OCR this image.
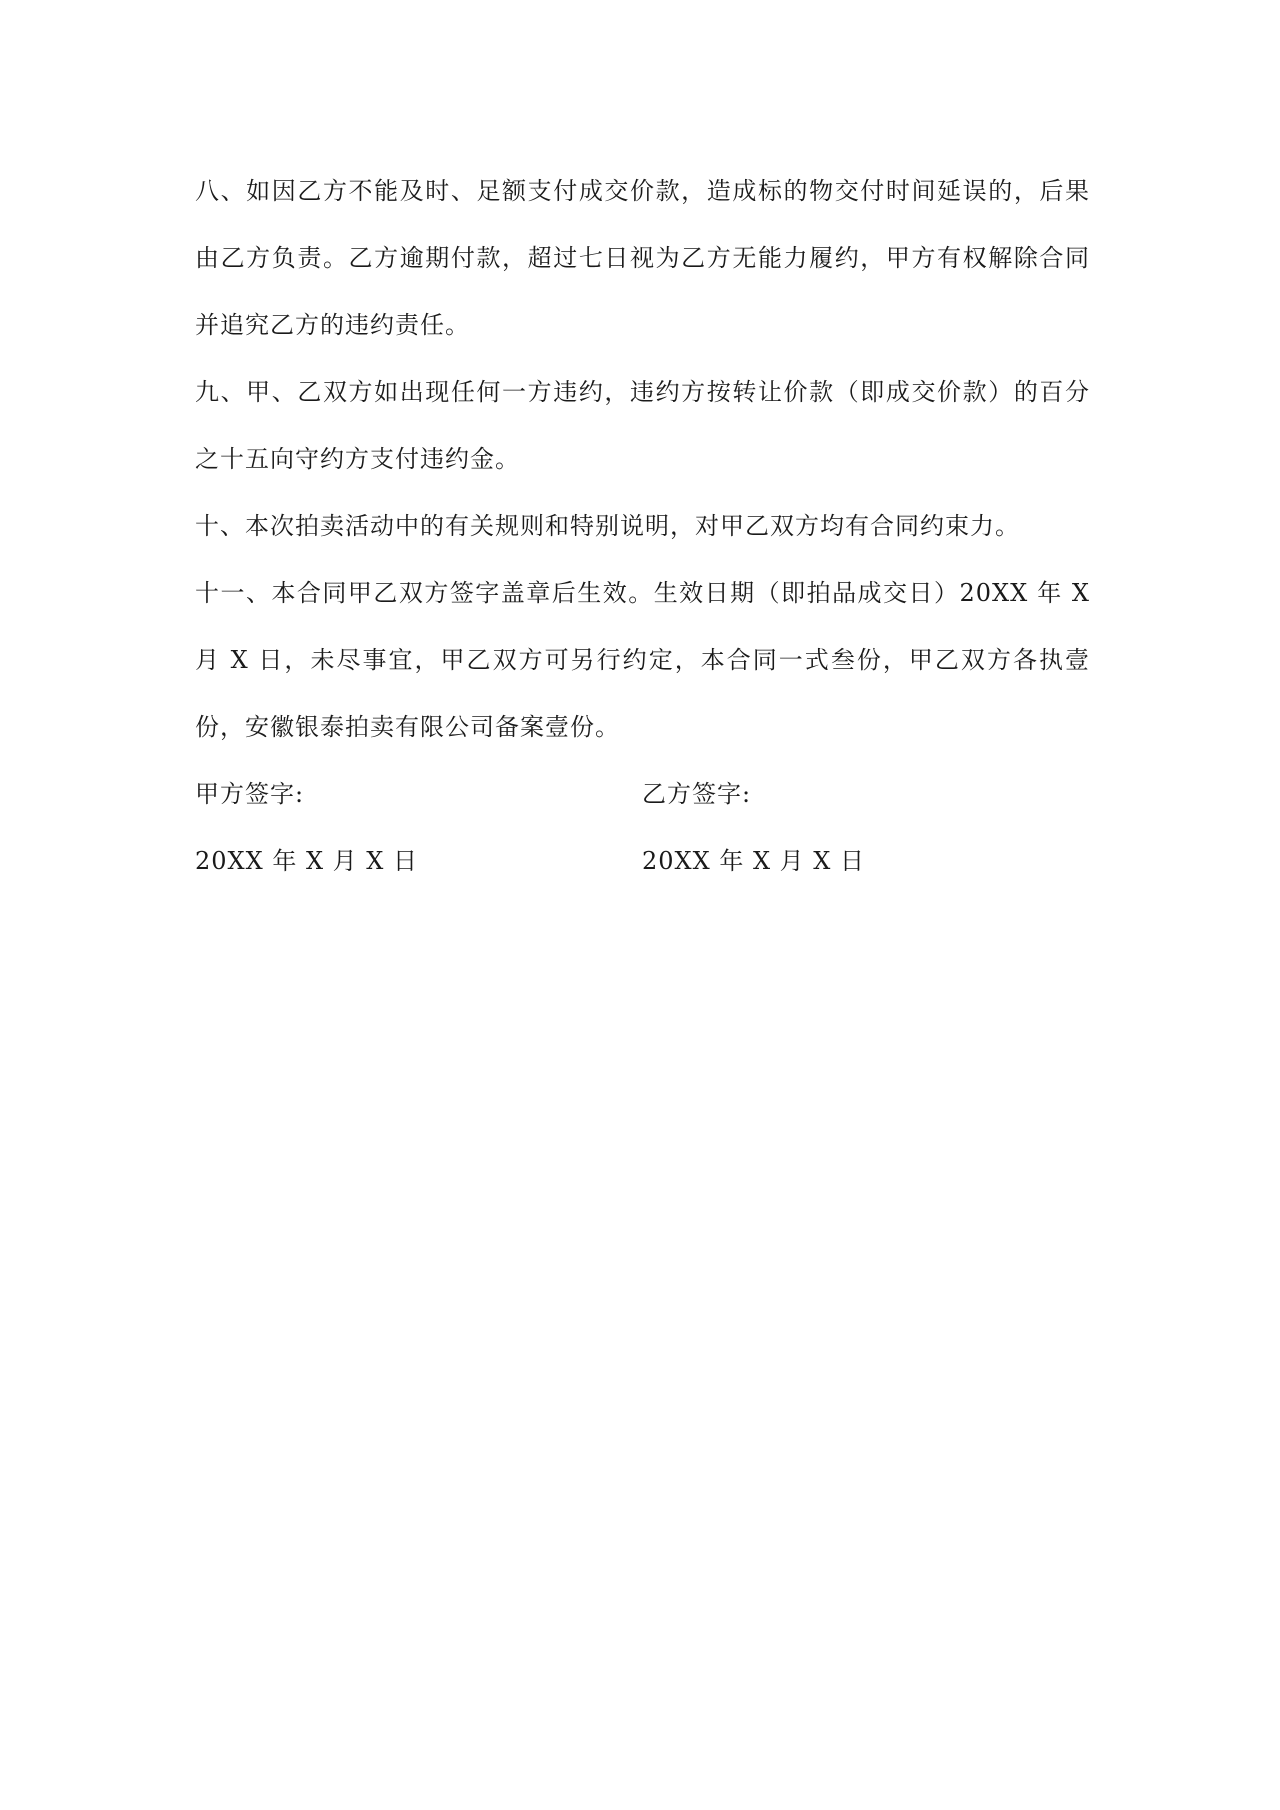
八、如因乙方不能及时、足额支付成交价款，造成标的物交付时间延误的，后果由乙方负责。乙方逾期付款，超过七日视为乙方无能力履约，甲方有权解除合同并追究乙方的违约责任。

九、甲、乙双方如出现任何一方违约，违约方按转让价款（即成交价款）的百分之十五向守约方支付违约金。

十、本次拍卖活动中的有关规则和特别说明，对甲乙双方均有合同约束力。

十一、本合同甲乙双方签字盖章后生效。生效日期（即拍品成交日）20XX 年 X 月 X 日，未尽事宜，甲乙双方可另行约定，本合同一式叁份，甲乙双方各执壹份，安徽银泰拍卖有限公司备案壹份。

甲方签字:	乙方签字:
20XX 年 X 月 X 日	20XX 年 X 月 X 日
